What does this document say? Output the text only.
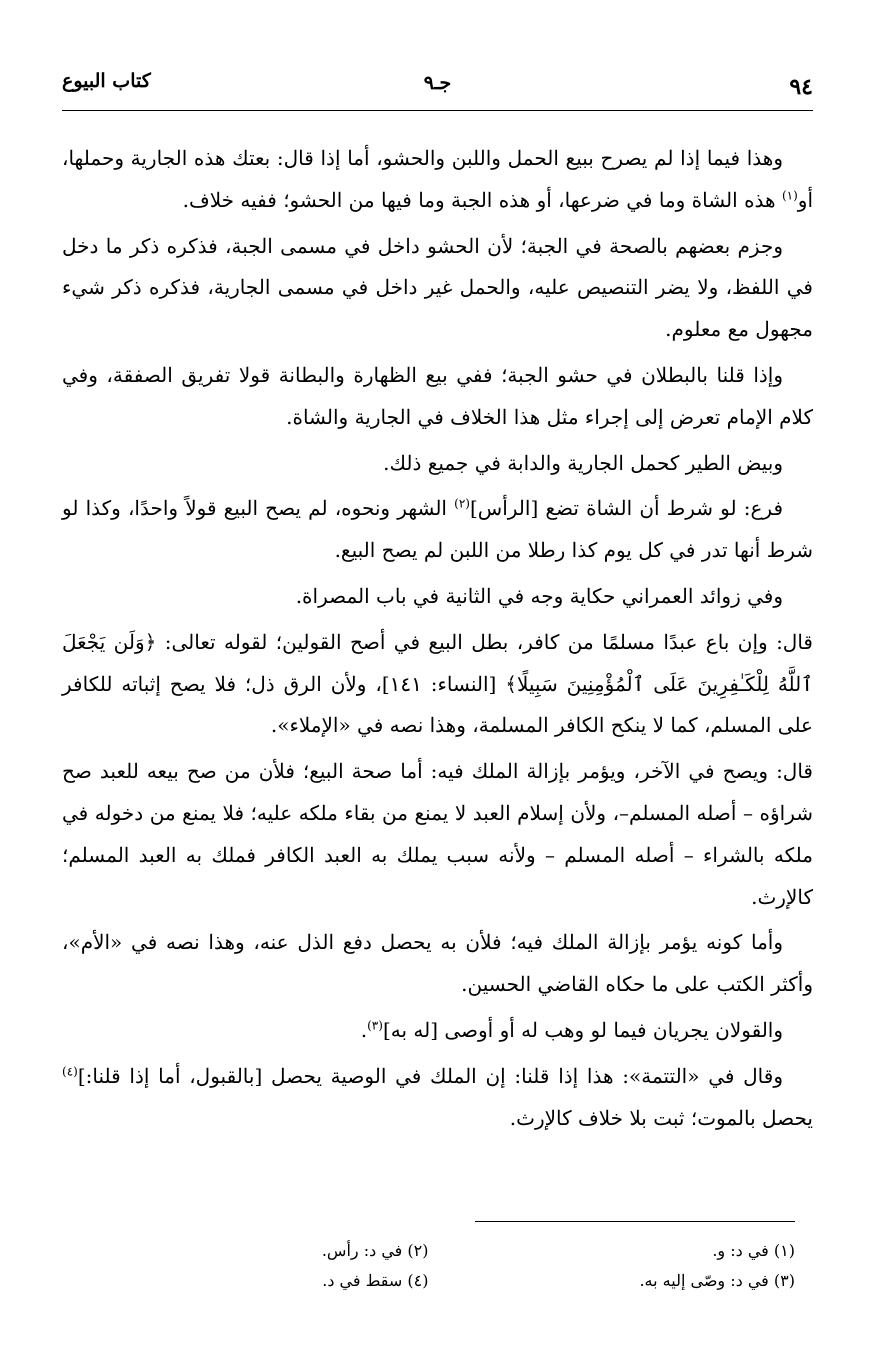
٩٤
جـ٩
كتاب البيوع

وهذا فيما إذا لم يصرح ببيع الحمل واللبن والحشو، أما إذا قال: بعتك هذه الجارية وحملها، أو$^{(١)}$ هذه الشاة وما في ضرعها، أو هذه الجبة وما فيها من الحشو؛ ففيه خلاف.

وجزم بعضهم بالصحة في الجبة؛ لأن الحشو داخل في مسمى الجبة، فذكره ذكر ما دخل في اللفظ، ولا يضر التنصيص عليه، والحمل غير داخل في مسمى الجارية، فذكره ذكر شيء مجهول مع معلوم.

وإذا قلنا بالبطلان في حشو الجبة؛ ففي بيع الظهارة والبطانة قولا تفريق الصفقة، وفي كلام الإمام تعرض إلى إجراء مثل هذا الخلاف في الجارية والشاة.

وبيض الطير كحمل الجارية والدابة في جميع ذلك.

فرع: لو شرط أن الشاة تضع [الرأس]$^{(٢)}$ الشهر ونحوه، لم يصح البيع قولاً واحدًا، وكذا لو شرط أنها تدر في كل يوم كذا رطلا من اللبن لم يصح البيع.

وفي زوائد العمراني حكاية وجه في الثانية في باب المصراة.

قال: وإن باع عبدًا مسلمًا من كافر، بطل البيع في أصح القولين؛ لقوله تعالى: ﴿وَلَن يَجْعَلَ ٱللَّهُ لِلْكَـٰفِرِينَ عَلَى ٱلْمُؤْمِنِينَ سَبِيلًا﴾ [النساء: ١٤١]، ولأن الرق ذل؛ فلا يصح إثباته للكافر على المسلم، كما لا ينكح الكافر المسلمة، وهذا نصه في «الإملاء».

قال: ويصح في الآخر، ويؤمر بإزالة الملك فيه: أما صحة البيع؛ فلأن من صح بيعه للعبد صح شراؤه – أصله المسلم–، ولأن إسلام العبد لا يمنع من بقاء ملكه عليه؛ فلا يمنع من دخوله في ملكه بالشراء – أصله المسلم – ولأنه سبب يملك به العبد الكافر فملك به العبد المسلم؛ كالإرث.

وأما كونه يؤمر بإزالة الملك فيه؛ فلأن به يحصل دفع الذل عنه، وهذا نصه في «الأم»، وأكثر الكتب على ما حكاه القاضي الحسين.

والقولان يجريان فيما لو وهب له أو أوصى [له به]$^{(٣)}$.

وقال في «التتمة»: هذا إذا قلنا: إن الملك في الوصية يحصل [بالقبول، أما إذا قلنا:]$^{(٤)}$ يحصل بالموت؛ ثبت بلا خلاف كالإرث.

(١) في د: و.
(٢) في د: رأس.
(٣) في د: وصّى إليه به.
(٤) سقط في د.
